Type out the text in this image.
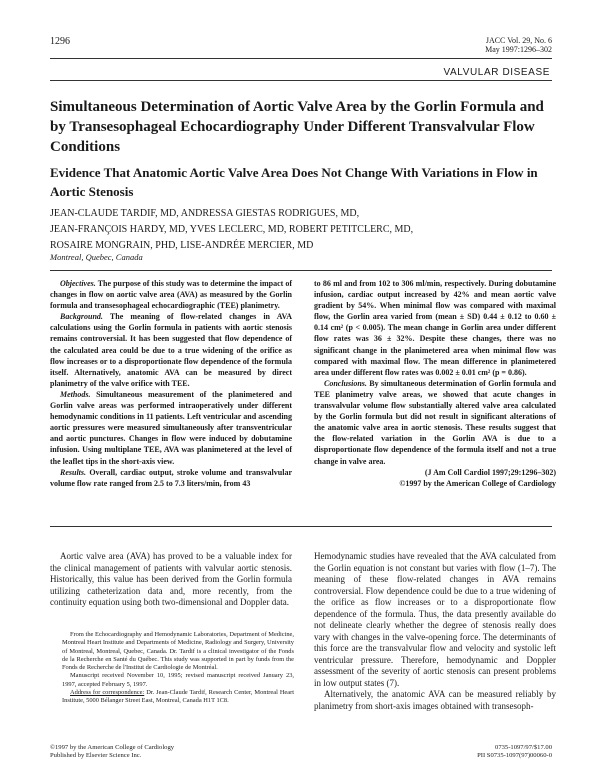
1296	JACC Vol. 29, No. 6
May 1997:1296–302
VALVULAR DISEASE
Simultaneous Determination of Aortic Valve Area by the Gorlin Formula and by Transesophageal Echocardiography Under Different Transvalvular Flow Conditions
Evidence That Anatomic Aortic Valve Area Does Not Change With Variations in Flow in Aortic Stenosis
JEAN-CLAUDE TARDIF, MD, ANDRESSA GIESTAS RODRIGUES, MD,
JEAN-FRANÇOIS HARDY, MD, YVES LECLERC, MD, ROBERT PETITCLERC, MD,
ROSAIRE MONGRAIN, PHD, LISE-ANDRÉE MERCIER, MD
Montreal, Quebec, Canada

Objectives. The purpose of this study was to determine the impact of changes in flow on aortic valve area (AVA) as measured by the Gorlin formula and transesophageal echocardiographic (TEE) planimetry.

Background. The meaning of flow-related changes in AVA calculations using the Gorlin formula in patients with aortic stenosis remains controversial. It has been suggested that flow dependence of the calculated area could be due to a true widening of the orifice as flow increases or to a disproportionate flow dependence of the formula itself. Alternatively, anatomic AVA can be measured by direct planimetry of the valve orifice with TEE.

Methods. Simultaneous measurement of the planimetered and Gorlin valve areas was performed intraoperatively under different hemodynamic conditions in 11 patients. Left ventricular and ascending aortic pressures were measured simultaneously after transventricular and aortic punctures. Changes in flow were induced by dobutamine infusion. Using multiplane TEE, AVA was planimetered at the level of the leaflet tips in the short-axis view.

Results. Overall, cardiac output, stroke volume and transvalvular volume flow rate ranged from 2.5 to 7.3 liters/min, from 43

to 86 ml and from 102 to 306 ml/min, respectively. During dobutamine infusion, cardiac output increased by 42% and mean aortic valve gradient by 54%. When minimal flow was compared with maximal flow, the Gorlin area varied from (mean ± SD) 0.44 ± 0.12 to 0.60 ± 0.14 cm² (p < 0.005). The mean change in Gorlin area under different flow rates was 36 ± 32%. Despite these changes, there was no significant change in the planimetered area when minimal flow was compared with maximal flow. The mean difference in planimetered area under different flow rates was 0.002 ± 0.01 cm² (p = 0.86).

Conclusions. By simultaneous determination of Gorlin formula and TEE planimetry valve areas, we showed that acute changes in transvalvular volume flow substantially altered valve area calculated by the Gorlin formula but did not result in significant alterations of the anatomic valve area in aortic stenosis. These results suggest that the flow-related variation in the Gorlin AVA is due to a disproportionate flow dependence of the formula itself and not a true change in valve area.

(J Am Coll Cardiol 1997;29:1296–302)

©1997 by the American College of Cardiology

Aortic valve area (AVA) has proved to be a valuable index for the clinical management of patients with valvular aortic stenosis. Historically, this value has been derived from the Gorlin formula utilizing catheterization data and, more recently, from the continuity equation using both two-dimensional and Doppler data.

Hemodynamic studies have revealed that the AVA calculated from the Gorlin equation is not constant but varies with flow (1–7). The meaning of these flow-related changes in AVA remains controversial. Flow dependence could be due to a true widening of the orifice as flow increases or to a disproportionate flow dependence of the formula. Thus, the data presently available do not delineate clearly whether the degree of stenosis really does vary with changes in the valve-opening force. The determinants of this force are the transvalvular flow and velocity and systolic left ventricular pressure. Therefore, hemodynamic and Doppler assessment of the severity of aortic stenosis can present problems in low output states (7).

Alternatively, the anatomic AVA can be measured reliably by planimetry from short-axis images obtained with transesoph-

From the Echocardiography and Hemodynamic Laboratories, Department of Medicine, Montreal Heart Institute and Departments of Medicine, Radiology and Surgery, University of Montreal, Montreal, Quebec, Canada. Dr. Tardif is a clinical investigator of the Fonds de la Recherche en Santé du Québec. This study was supported in part by funds from the Fonds de Recherche de l'Institut de Cardiologie de Montréal.

Manuscript received November 10, 1995; revised manuscript received January 23, 1997, accepted February 5, 1997.

Address for correspondence: Dr. Jean-Claude Tardif, Research Center, Montreal Heart Institute, 5000 Bélanger Street East, Montreal, Canada H1T 1C8.

©1997 by the American College of Cardiology
Published by Elsevier Science Inc.
0735-1097/97/$17.00
PII S0735-1097(97)00060-0
